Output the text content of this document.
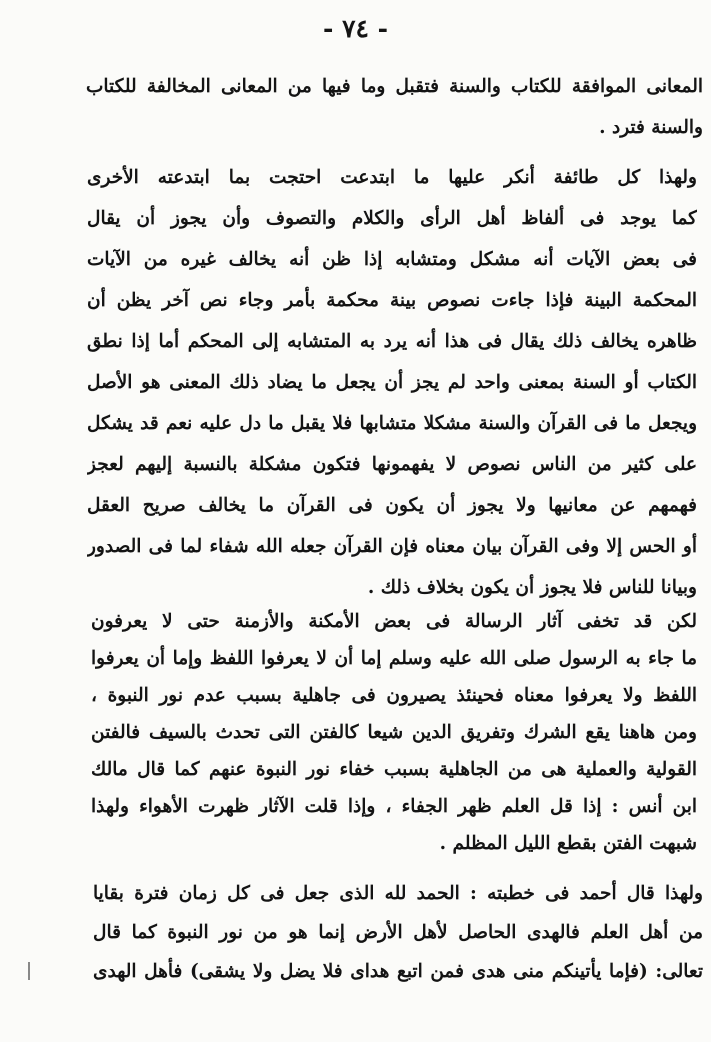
- ٧٤ -
المعانى الموافقة للكتاب والسنة فتقبل وما فيها من المعانى المخالفة للكتاب
والسنة فترد .
ولهذا كل طائفة أنكر عليها ما ابتدعت احتجت بما ابتدعته الأخرى
كما يوجد فى ألفاظ أهل الرأى والكلام والتصوف وأن يجوز أن يقال
فى بعض الآيات أنه مشكل ومتشابه إذا ظن أنه يخالف غيره من الآيات
المحكمة البينة فإذا جاءت نصوص بينة محكمة بأمر وجاء نص آخر يظن أن
ظاهره يخالف ذلك يقال فى هذا أنه يرد به المتشابه إلى المحكم أما إذا نطق
الكتاب أو السنة بمعنى واحد لم يجز أن يجعل ما يضاد ذلك المعنى هو الأصل
ويجعل ما فى القرآن والسنة مشكلا متشابها فلا يقبل ما دل عليه نعم قد يشكل
على كثير من الناس نصوص لا يفهمونها فتكون مشكلة بالنسبة إليهم لعجز
فهمهم عن معانيها ولا يجوز أن يكون فى القرآن ما يخالف صريح العقل
أو الحس إلا وفى القرآن بيان معناه فإن القرآن جعله الله شفاء لما فى الصدور
وبيانا للناس فلا يجوز أن يكون بخلاف ذلك .
لكن قد تخفى آثار الرسالة فى بعض الأمكنة والأزمنة حتى لا يعرفون
ما جاء به الرسول صلى الله عليه وسلم إما أن لا يعرفوا اللفظ وإما أن يعرفوا
اللفظ ولا يعرفوا معناه فحينئذ يصيرون فى جاهلية بسبب عدم نور النبوة ،
ومن هاهنا يقع الشرك وتفريق الدين شيعا كالفتن التى تحدث بالسيف فالفتن
القولية والعملية هى من الجاهلية بسبب خفاء نور النبوة عنهم كما قال مالك
ابن أنس : إذا قل العلم ظهر الجفاء ، وإذا قلت الآثار ظهرت الأهواء ولهذا
شبهت الفتن بقطع الليل المظلم .
ولهذا قال أحمد فى خطبته : الحمد لله الذى جعل فى كل زمان فترة بقايا
من أهل العلم فالهدى الحاصل لأهل الأرض إنما هو من نور النبوة كما قال
تعالى: (فإما يأتينكم منى هدى فمن اتبع هداى فلا يضل ولا يشقى) فأهل الهدى
